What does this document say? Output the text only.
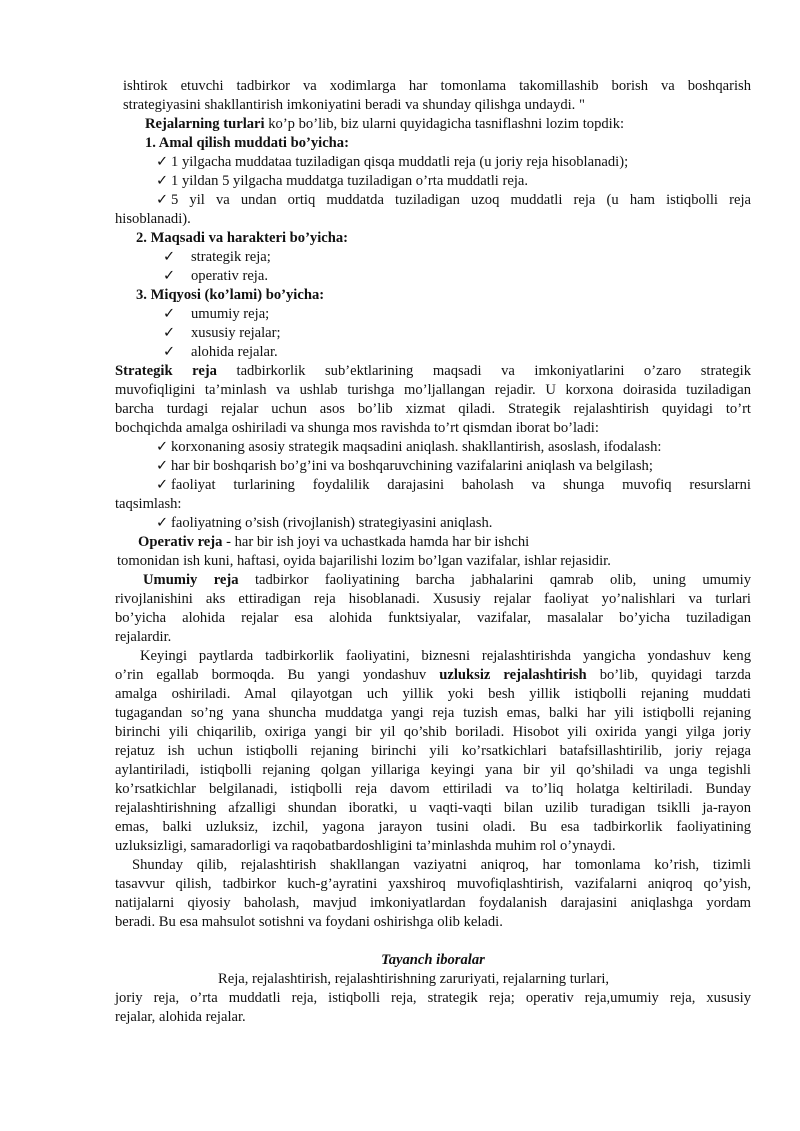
ishtirok etuvchi tadbirkor va xodimlarga har tomonlama takomillashib borish va boshqarish
strategiyasini shakllantirish imkoniyatini beradi va shunday qilishga undaydi. "
Rejalarning turlari ko’p bo’lib, biz ularni quyidagicha tasniflashni lozim topdik:
1. Amal qilish muddati bo’yicha:
✓ 1 yilgacha muddataa tuziladigan qisqa muddatli reja (u joriy reja hisoblanadi);
✓ 1 yildan 5 yilgacha muddatga tuziladigan o’rta muddatli reja.
✓ 5 yil va undan ortiq muddatda tuziladigan uzoq muddatli reja (u ham istiqbolli reja
hisoblanadi).
2. Maqsadi va harakteri bo’yicha:
✓ strategik reja;
✓ operativ reja.
3. Miqyosi (ko’lami) bo’yicha:
✓ umumiy reja;
✓ xususiy rejalar;
✓ alohida rejalar.
Strategik reja tadbirkorlik sub’ektlarining maqsadi va imkoniyatlarini o’zaro strategik
muvofiqligini ta’minlash va ushlab turishga mo’ljallangan rejadir. U korxona doirasida tuziladigan
barcha turdagi rejalar uchun asos bo’lib xizmat qiladi. Strategik rejalashtirish quyidagi to’rt
bochqichda amalga oshiriladi va shunga mos ravishda to’rt qismdan iborat bo’ladi:
✓ korxonaning asosiy strategik maqsadini aniqlash. shakllantirish, asoslash, ifodalash:
✓ har bir boshqarish bo’g’ini va boshqaruvchining vazifalarini aniqlash va belgilash;
✓ faoliyat turlarining foydalilik darajasini baholash va shunga muvofiq resurslarni
taqsimlash:
✓ faoliyatning o’sish (rivojlanish) strategiyasini aniqlash.
Operativ reja - har bir ish joyi va uchastkada hamda har bir ishchi
tomonidan ish kuni, haftasi, oyida bajarilishi lozim bo’lgan vazifalar, ishlar rejasidir.
Umumiy reja tadbirkor faoliyatining barcha jabhalarini qamrab olib, uning umumiy
rivojlanishini aks ettiradigan reja hisoblanadi. Xususiy rejalar faoliyat yo’nalishlari va turlari
bo’yicha alohida rejalar esa alohida funktsiyalar, vazifalar, masalalar bo’yicha tuziladigan
rejalardir.
Keyingi paytlarda tadbirkorlik faoliyatini, biznesni rejalashtirishda yangicha yondashuv keng
o’rin egallab bormoqda. Bu yangi yondashuv uzluksiz rejalashtirish bo’lib, quyidagi tarzda
amalga oshiriladi. Amal qilayotgan uch yillik yoki besh yillik istiqbolli rejaning muddati
tugagandan so’ng yana shuncha muddatga yangi reja tuzish emas, balki har yili istiqbolli rejaning
birinchi yili chiqarilib, oxiriga yangi bir yil qo’shib boriladi. Hisobot yili oxirida yangi yilga joriy
rejatuz ish uchun istiqbolli rejaning birinchi yili ko’rsatkichlari batafsillashtirilib, joriy rejaga
aylantiriladi, istiqbolli rejaning qolgan yillariga keyingi yana bir yil qo’shiladi va unga tegishli
ko’rsatkichlar belgilanadi, istiqbolli reja davom ettiriladi va to’liq holatga keltiriladi. Bunday
rejalashtirishning afzalligi shundan iboratki, u vaqti-vaqti bilan uzilib turadigan tsiklli ja-rayon
emas, balki uzluksiz, izchil, yagona jarayon tusini oladi. Bu esa tadbirkorlik faoliyatining
uzluksizligi, samaradorligi va raqobatbardoshligini ta’minlashda muhim rol o’ynaydi.
Shunday qilib, rejalashtirish shakllangan vaziyatni aniqroq, har tomonlama ko’rish, tizimli
tasavvur qilish, tadbirkor kuch-g’ayratini yaxshiroq muvofiqlashtirish, vazifalarni aniqroq qo’yish,
natijalarni qiyosiy baholash, mavjud imkoniyatlardan foydalanish darajasini aniqlashga yordam
beradi. Bu esa mahsulot sotishni va foydani oshirishga olib keladi.
Tayanch iboralar
Reja, rejalashtirish, rejalashtirishning zaruriyati, rejalarning turlari,
joriy reja, o’rta muddatli reja, istiqbolli reja, strategik reja; operativ reja,umumiy reja, xususiy
rejalar, alohida rejalar.
